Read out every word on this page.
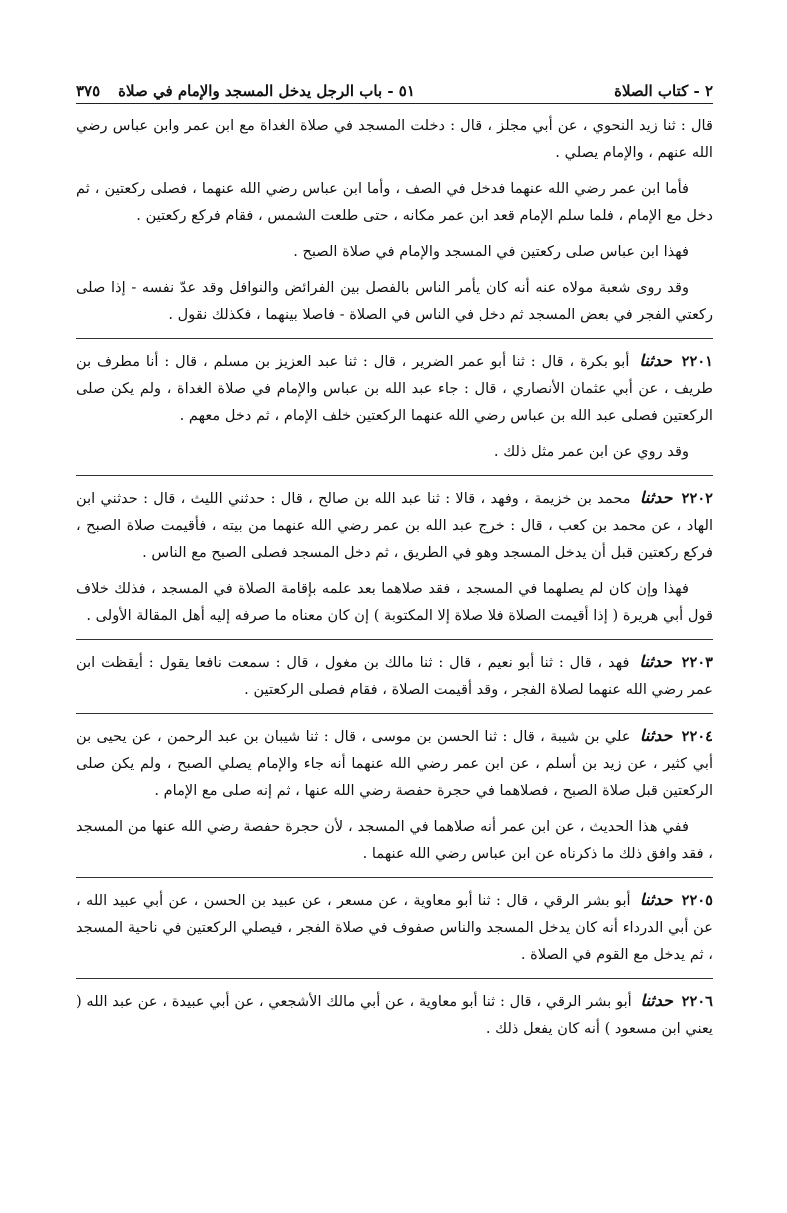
٢ - كتاب الصلاة
٥١ - باب الرجل يدخل المسجد والإمام في صلاة
٣٧٥

قال : ثنا زيد النحوي ، عن أبي مجلز ، قال : دخلت المسجد في صلاة الغداة مع ابن عمر وابن عباس رضي الله عنهم ، والإمام يصلي .

فأما ابن عمر رضي الله عنهما فدخل في الصف ، وأما ابن عباس رضي الله عنهما ، فصلى ركعتين ، ثم دخل مع الإمام ، فلما سلم الإمام قعد ابن عمر مكانه ، حتى طلعت الشمس ، فقام فركع ركعتين .

فهذا ابن عباس صلى ركعتين في المسجد والإمام في صلاة الصبح .

وقد روى شعبة مولاه عنه أنه كان يأمر الناس بالفصل بين الفرائض والنوافل وقد عدّ نفسه - إذا صلى ركعتي الفجر في بعض المسجد ثم دخل في الناس في الصلاة - فاصلا بينهما ، فكذلك نقول .

٢٢٠١ حدثنا أبو بكرة ، قال : ثنا أبو عمر الضرير ، قال : ثنا عبد العزيز بن مسلم ، قال : أنا مطرف بن طريف ، عن أبي عثمان الأنصاري ، قال : جاء عبد الله بن عباس والإمام في صلاة الغداة ، ولم يكن صلى الركعتين فصلى عبد الله بن عباس رضي الله عنهما الركعتين خلف الإمام ، ثم دخل معهم .

وقد روي عن ابن عمر مثل ذلك .

٢٢٠٢ حدثنا محمد بن خزيمة ، وفهد ، قالا : ثنا عبد الله بن صالح ، قال : حدثني الليث ، قال : حدثني ابن الهاد ، عن محمد بن كعب ، قال : خرج عبد الله بن عمر رضي الله عنهما من بيته ، فأقيمت صلاة الصبح ، فركع ركعتين قبل أن يدخل المسجد وهو في الطريق ، ثم دخل المسجد فصلى الصبح مع الناس .

فهذا وإن كان لم يصلهما في المسجد ، فقد صلاهما بعد علمه بإقامة الصلاة في المسجد ، فذلك خلاف قول أبي هريرة ( إذا أقيمت الصلاة فلا صلاة إلا المكتوبة ) إن كان معناه ما صرفه إليه أهل المقالة الأولى .

٢٢٠٣ حدثنا فهد ، قال : ثنا أبو نعيم ، قال : ثنا مالك بن مغول ، قال : سمعت نافعا يقول : أيقظت ابن عمر رضي الله عنهما لصلاة الفجر ، وقد أقيمت الصلاة ، فقام فصلى الركعتين .

٢٢٠٤ حدثنا علي بن شيبة ، قال : ثنا الحسن بن موسى ، قال : ثنا شيبان بن عبد الرحمن ، عن يحيى بن أبي كثير ، عن زيد بن أسلم ، عن ابن عمر رضي الله عنهما أنه جاء والإمام يصلي الصبح ، ولم يكن صلى الركعتين قبل صلاة الصبح ، فصلاهما في حجرة حفصة رضي الله عنها ، ثم إنه صلى مع الإمام .

ففي هذا الحديث ، عن ابن عمر أنه صلاهما في المسجد ، لأن حجرة حفصة رضي الله عنها من المسجد ، فقد وافق ذلك ما ذكرناه عن ابن عباس رضي الله عنهما .

٢٢٠٥ حدثنا أبو بشر الرقي ، قال : ثنا أبو معاوية ، عن مسعر ، عن عبيد بن الحسن ، عن أبي عبيد الله ، عن أبي الدرداء أنه كان يدخل المسجد والناس صفوف في صلاة الفجر ، فيصلي الركعتين في ناحية المسجد ، ثم يدخل مع القوم في الصلاة .

٢٢٠٦ حدثنا أبو بشر الرقي ، قال : ثنا أبو معاوية ، عن أبي مالك الأشجعي ، عن أبي عبيدة ، عن عبد الله ( يعني ابن مسعود ) أنه كان يفعل ذلك .
